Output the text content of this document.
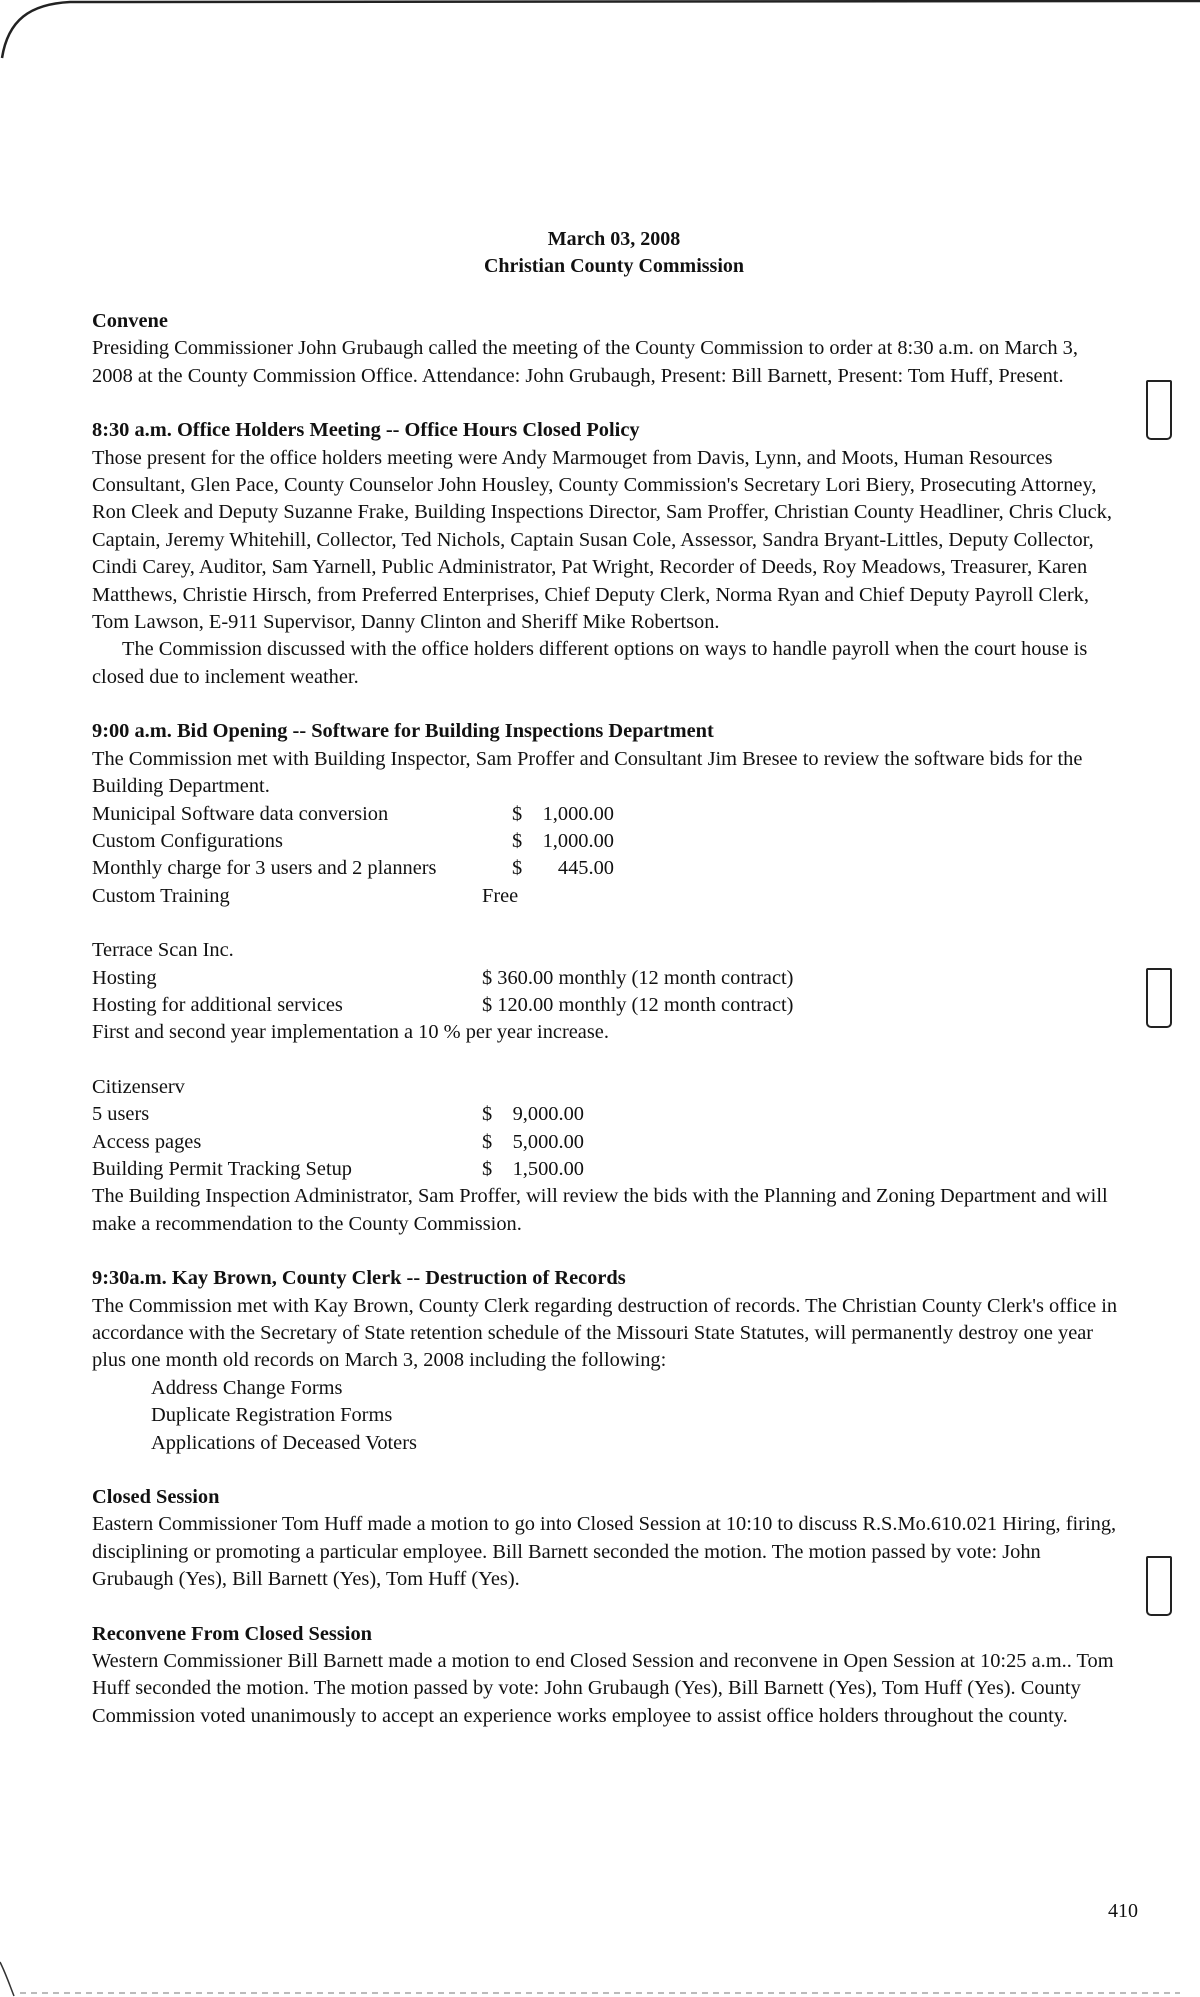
March 03, 2008
Christian County Commission
Convene

Presiding Commissioner John Grubaugh called the meeting of the County Commission to order at 8:30 a.m. on March 3, 2008 at the County Commission Office. Attendance: John Grubaugh, Present: Bill Barnett, Present: Tom Huff, Present.

8:30 a.m. Office Holders Meeting -- Office Hours Closed Policy

Those present for the office holders meeting were Andy Marmouget from Davis, Lynn, and Moots, Human Resources Consultant, Glen Pace, County Counselor John Housley, County Commission's Secretary Lori Biery, Prosecuting Attorney, Ron Cleek and Deputy Suzanne Frake, Building Inspections Director, Sam Proffer, Christian County Headliner, Chris Cluck, Captain, Jeremy Whitehill, Collector, Ted Nichols, Captain Susan Cole, Assessor, Sandra Bryant-Littles, Deputy Collector, Cindi Carey, Auditor, Sam Yarnell, Public Administrator, Pat Wright, Recorder of Deeds, Roy Meadows, Treasurer, Karen Matthews, Christie Hirsch, from Preferred Enterprises, Chief Deputy Clerk, Norma Ryan and Chief Deputy Payroll Clerk, Tom Lawson, E-911 Supervisor, Danny Clinton and Sheriff Mike Robertson.

The Commission discussed with the office holders different options on ways to handle payroll when the court house is closed due to inclement weather.

9:00 a.m. Bid Opening -- Software for Building Inspections Department

The Commission met with Building Inspector, Sam Proffer and Consultant Jim Bresee to review the software bids for the Building Department.

Municipal Software data conversion	$    1,000.00
Custom Configurations	$    1,000.00
Monthly charge for 3 users and 2 planners	$       445.00
Custom Training	Free

Terrace Scan Inc.

Hosting	$ 360.00 monthly (12 month contract)
Hosting for additional services	$ 120.00 monthly (12 month contract)

First and second year implementation a 10 % per year increase.

Citizenserv

5 users	$    9,000.00
Access pages	$    5,000.00
Building Permit Tracking Setup	$    1,500.00

The Building Inspection Administrator, Sam Proffer, will review the bids with the Planning and Zoning Department and will make a recommendation to the County Commission.

9:30a.m. Kay Brown, County Clerk -- Destruction of Records

The Commission met with Kay Brown, County Clerk regarding destruction of records. The Christian County Clerk's office in accordance with the Secretary of State retention schedule of the Missouri State Statutes, will permanently destroy one year plus one month old records on March 3, 2008 including the following:

Address Change Forms
Duplicate Registration Forms
Applications of Deceased Voters
Closed Session

Eastern Commissioner Tom Huff made a motion to go into Closed Session at 10:10 to discuss R.S.Mo.610.021 Hiring, firing, disciplining or promoting a particular employee. Bill Barnett seconded the motion. The motion passed by vote: John Grubaugh (Yes), Bill Barnett (Yes), Tom Huff (Yes).

Reconvene From Closed Session

Western Commissioner Bill Barnett made a motion to end Closed Session and reconvene in Open Session at 10:25 a.m.. Tom Huff seconded the motion. The motion passed by vote: John Grubaugh (Yes), Bill Barnett (Yes), Tom Huff (Yes). County Commission voted unanimously to accept an experience works employee to assist office holders throughout the county.

410
